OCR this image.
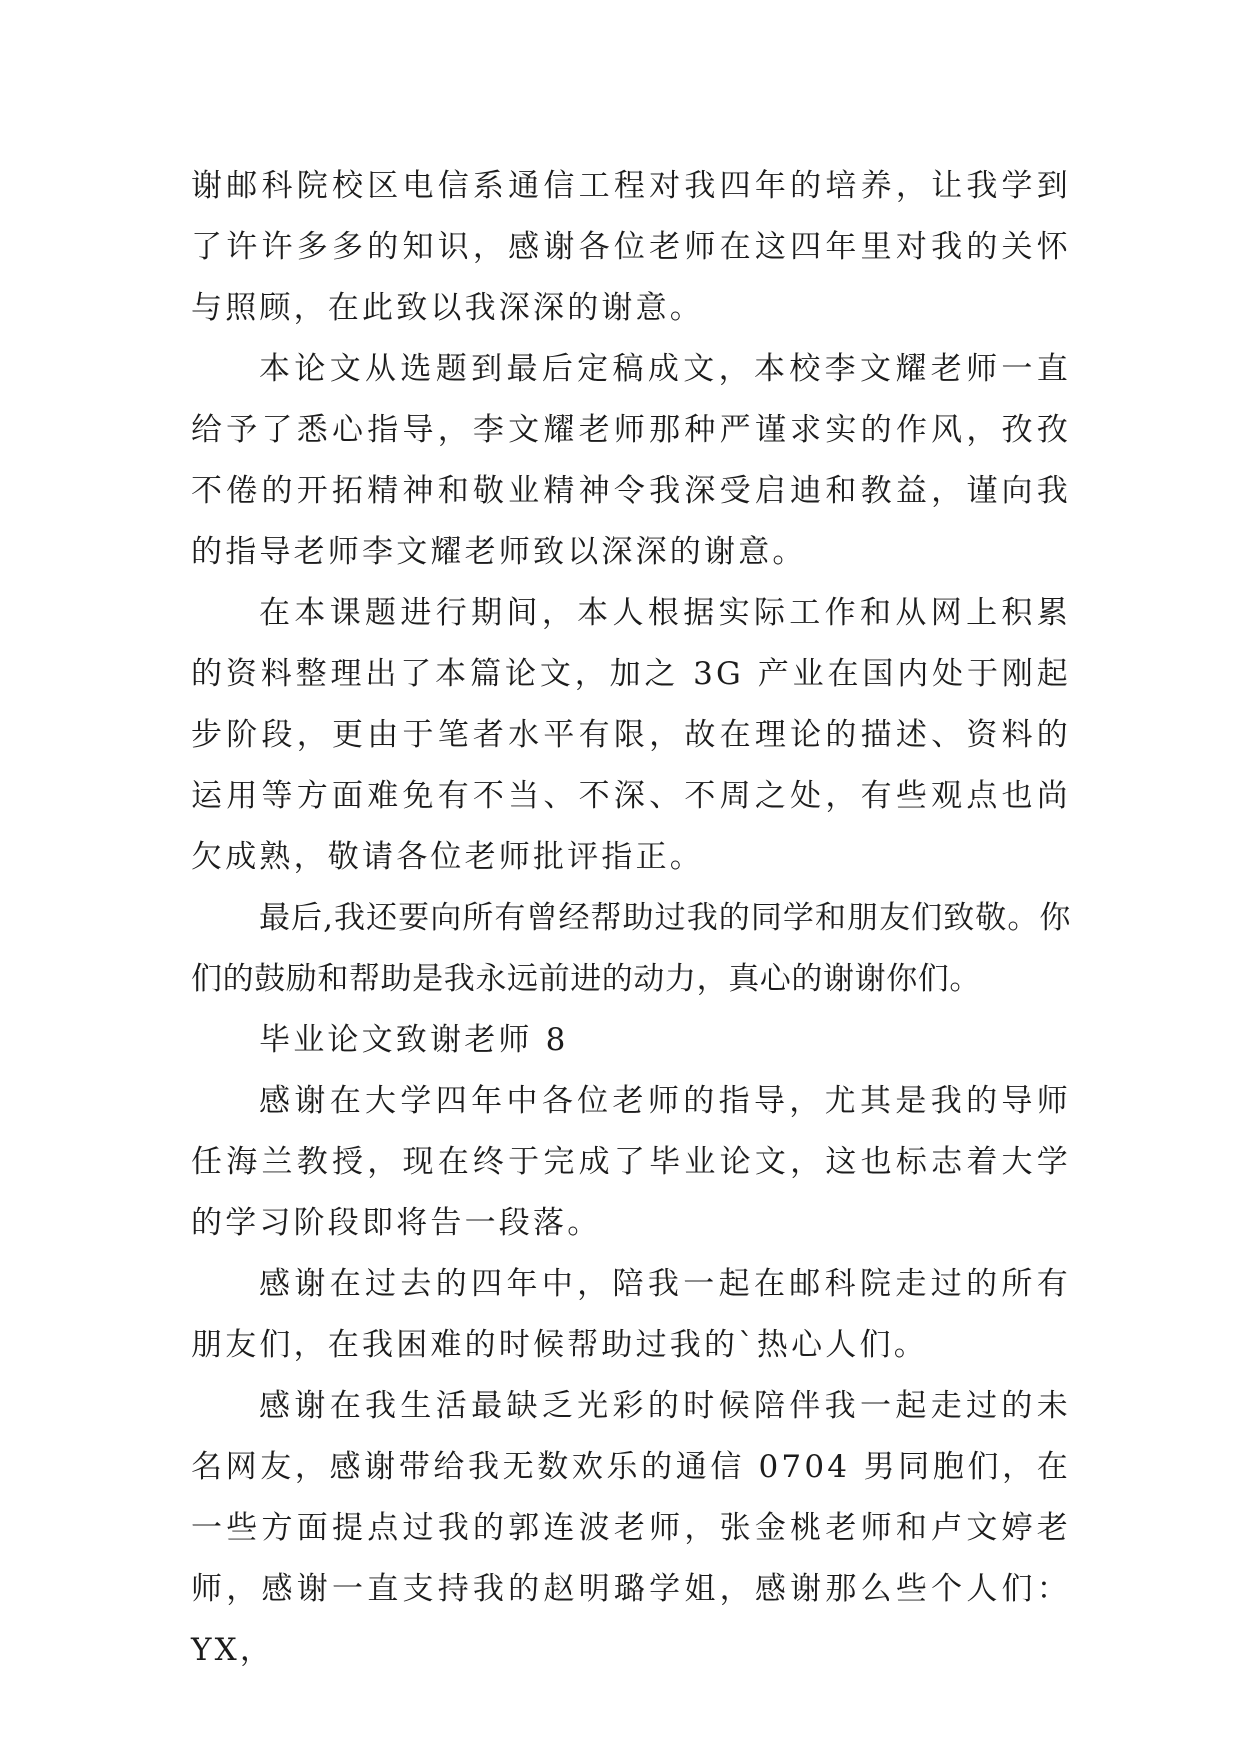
谢邮科院校区电信系通信工程对我四年的培养，让我学到了许许多多的知识，感谢各位老师在这四年里对我的关怀与照顾，在此致以我深深的谢意。

本论文从选题到最后定稿成文，本校李文耀老师一直给予了悉心指导，李文耀老师那种严谨求实的作风，孜孜不倦的开拓精神和敬业精神令我深受启迪和教益，谨向我的指导老师李文耀老师致以深深的谢意。

在本课题进行期间，本人根据实际工作和从网上积累的资料整理出了本篇论文，加之 3G 产业在国内处于刚起步阶段，更由于笔者水平有限，故在理论的描述、资料的运用等方面难免有不当、不深、不周之处，有些观点也尚欠成熟，敬请各位老师批评指正。

最后,我还要向所有曾经帮助过我的同学和朋友们致敬。你们的鼓励和帮助是我永远前进的动力，真心的谢谢你们。

毕业论文致谢老师 8

感谢在大学四年中各位老师的指导，尤其是我的导师任海兰教授，现在终于完成了毕业论文，这也标志着大学的学习阶段即将告一段落。

感谢在过去的四年中，陪我一起在邮科院走过的所有朋友们，在我困难的时候帮助过我的`热心人们。

感谢在我生活最缺乏光彩的时候陪伴我一起走过的未名网友，感谢带给我无数欢乐的通信 0704 男同胞们，在一些方面提点过我的郭连波老师，张金桃老师和卢文婷老师，感谢一直支持我的赵明璐学姐，感谢那么些个人们：YX，
